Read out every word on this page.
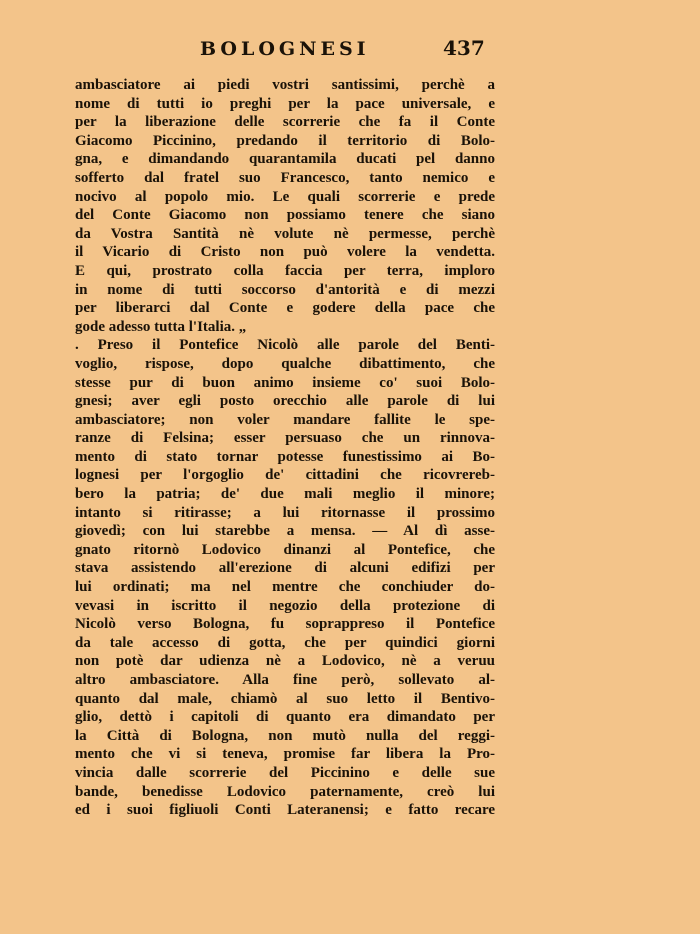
BOLOGNESI	437
ambasciatore ai piedi vostri santissimi, perchè a
nome di tutti io preghi per la pace universale, e
per la liberazione delle scorrerie che fa il Conte
Giacomo Piccinino, predando il territorio di Bolo-
gna, e dimandando quarantamila ducati pel danno
sofferto dal fratel suo Francesco, tanto nemico e
nocivo al popolo mio. Le quali scorrerie e prede
del Conte Giacomo non possiamo tenere che siano
da Vostra Santità nè volute nè permesse, perchè
il Vicario di Cristo non può volere la vendetta.
E qui, prostrato colla faccia per terra, imploro
in nome di tutti soccorso d'antorità e di mezzi
per liberarci dal Conte e godere della pace che
gode adesso tutta l'Italia. „
. Preso il Pontefice Nicolò alle parole del Benti-
voglio, rispose, dopo qualche dibattimento, che
stesse pur di buon animo insieme co' suoi Bolo-
gnesi; aver egli posto orecchio alle parole di lui
ambasciatore; non voler mandare fallite le spe-
ranze di Felsina; esser persuaso che un rinnova-
mento di stato tornar potesse funestissimo ai Bo-
lognesi per l'orgoglio de' cittadini che ricovrereb-
bero la patria; de' due mali meglio il minore;
intanto si ritirasse; a lui ritornasse il prossimo
giovedì; con lui starebbe a mensa. — Al dì asse-
gnato ritornò Lodovico dinanzi al Pontefice, che
stava assistendo all'erezione di alcuni edifizi per
lui ordinati; ma nel mentre che conchiuder do-
vevasi in iscritto il negozio della protezione di
Nicolò verso Bologna, fu soprappreso il Pontefice
da tale accesso di gotta, che per quindici giorni
non potè dar udienza nè a Lodovico, nè a veruu
altro ambasciatore. Alla fine però, sollevato al-
quanto dal male, chiamò al suo letto il Bentivo-
glio, dettò i capitoli di quanto era dimandato per
la Città di Bologna, non mutò nulla del reggi-
mento che vi si teneva, promise far libera la Pro-
vincia dalle scorrerie del Piccinino e delle sue
bande, benedisse Lodovico paternamente, creò lui
ed i suoi figliuoli Conti Lateranensi; e fatto recare
